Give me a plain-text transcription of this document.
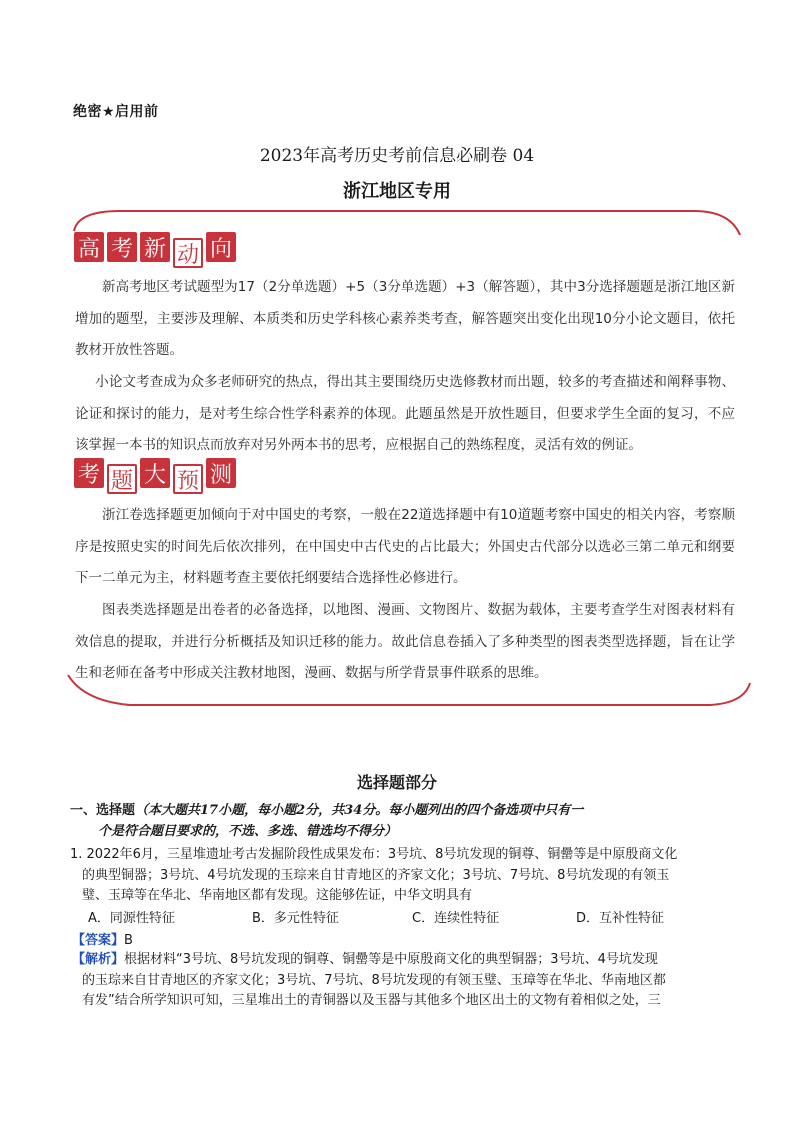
绝密★启用前
2023年高考历史考前信息必刷卷 04
浙江地区专用
高 考 新 动 向
新高考地区考试题型为17（2分单选题）+5（3分单选题）+3（解答题），其中3分选择题题是浙江地区新增加的题型，主要涉及理解、本质类和历史学科核心素养类考查，解答题突出变化出现10分小论文题目，依托教材开放性答题。
小论文考查成为众多老师研究的热点，得出其主要围绕历史选修教材而出题，较多的考查描述和阐释事物、论证和探讨的能力，是对考生综合性学科素养的体现。此题虽然是开放性题目，但要求学生全面的复习，不应该掌握一本书的知识点而放弃对另外两本书的思考，应根据自己的熟练程度，灵活有效的例证。
考 题 大 预 测
浙江卷选择题更加倾向于对中国史的考察，一般在22道选择题中有10道题考察中国史的相关内容，考察顺序是按照史实的时间先后依次排列，在中国史中古代史的占比最大；外国史古代部分以选必三第二单元和纲要下一二单元为主，材料题考查主要依托纲要结合选择性必修进行。
图表类选择题是出卷者的必备选择，以地图、漫画、文物图片、数据为载体，主要考查学生对图表材料有效信息的提取，并进行分析概括及知识迁移的能力。故此信息卷插入了多种类型的图表类型选择题，旨在让学生和老师在备考中形成关注教材地图，漫画、数据与所学背景事件联系的思维。
选择题部分
一、选择题（本大题共17小题，每小题2分，共34分。每小题列出的四个备选项中只有一
个是符合题目要求的，不选、多选、错选均不得分）
1. 2022年6月，三星堆遗址考古发掘阶段性成果发布：3号坑、8号坑发现的铜尊、铜罍等是中原殷商文化
的典型铜器；3号坑、4号坑发现的玉琮来自甘青地区的齐家文化；3号坑、7号坑、8号坑发现的有领玉
璧、玉璋等在华北、华南地区都有发现。这能够佐证，中华文明具有
A．同源性特征	B．多元性特征	C．连续性特征	D．互补性特征
【答案】B
【解析】根据材料“3号坑、8号坑发现的铜尊、铜罍等是中原殷商文化的典型铜器；3号坑、4号坑发现
的玉琮来自甘青地区的齐家文化；3号坑、7号坑、8号坑发现的有领玉璧、玉璋等在华北、华南地区都
有发”结合所学知识可知，三星堆出土的青铜器以及玉器与其他多个地区出土的文物有着相似之处，三
